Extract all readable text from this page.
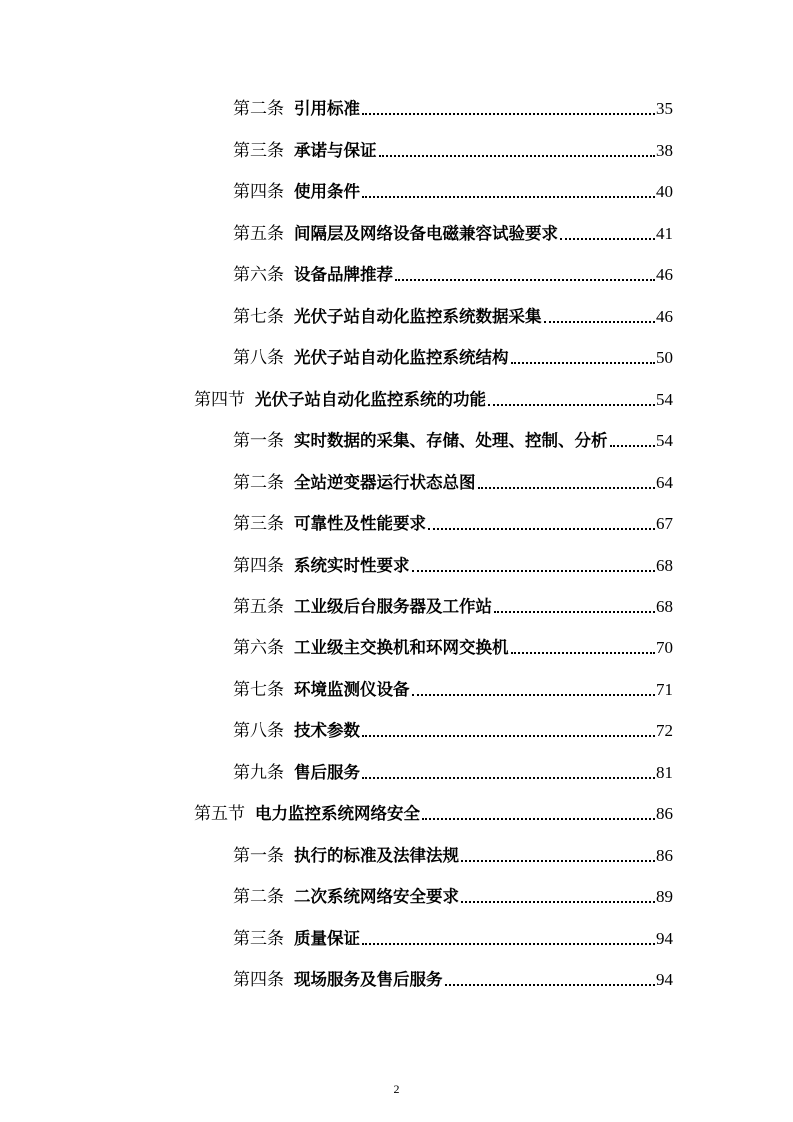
第二条 引用标准	35
第三条 承诺与保证	38
第四条 使用条件	40
第五条 间隔层及网络设备电磁兼容试验要求	41
第六条 设备品牌推荐	46
第七条 光伏子站自动化监控系统数据采集	46
第八条 光伏子站自动化监控系统结构	50
第四节 光伏子站自动化监控系统的功能	54
第一条 实时数据的采集、存储、处理、控制、分析	54
第二条 全站逆变器运行状态总图	64
第三条 可靠性及性能要求	67
第四条 系统实时性要求	68
第五条 工业级后台服务器及工作站	68
第六条 工业级主交换机和环网交换机	70
第七条 环境监测仪设备	71
第八条 技术参数	72
第九条 售后服务	81
第五节 电力监控系统网络安全	86
第一条 执行的标准及法律法规	86
第二条 二次系统网络安全要求	89
第三条 质量保证	94
第四条 现场服务及售后服务	94
2
